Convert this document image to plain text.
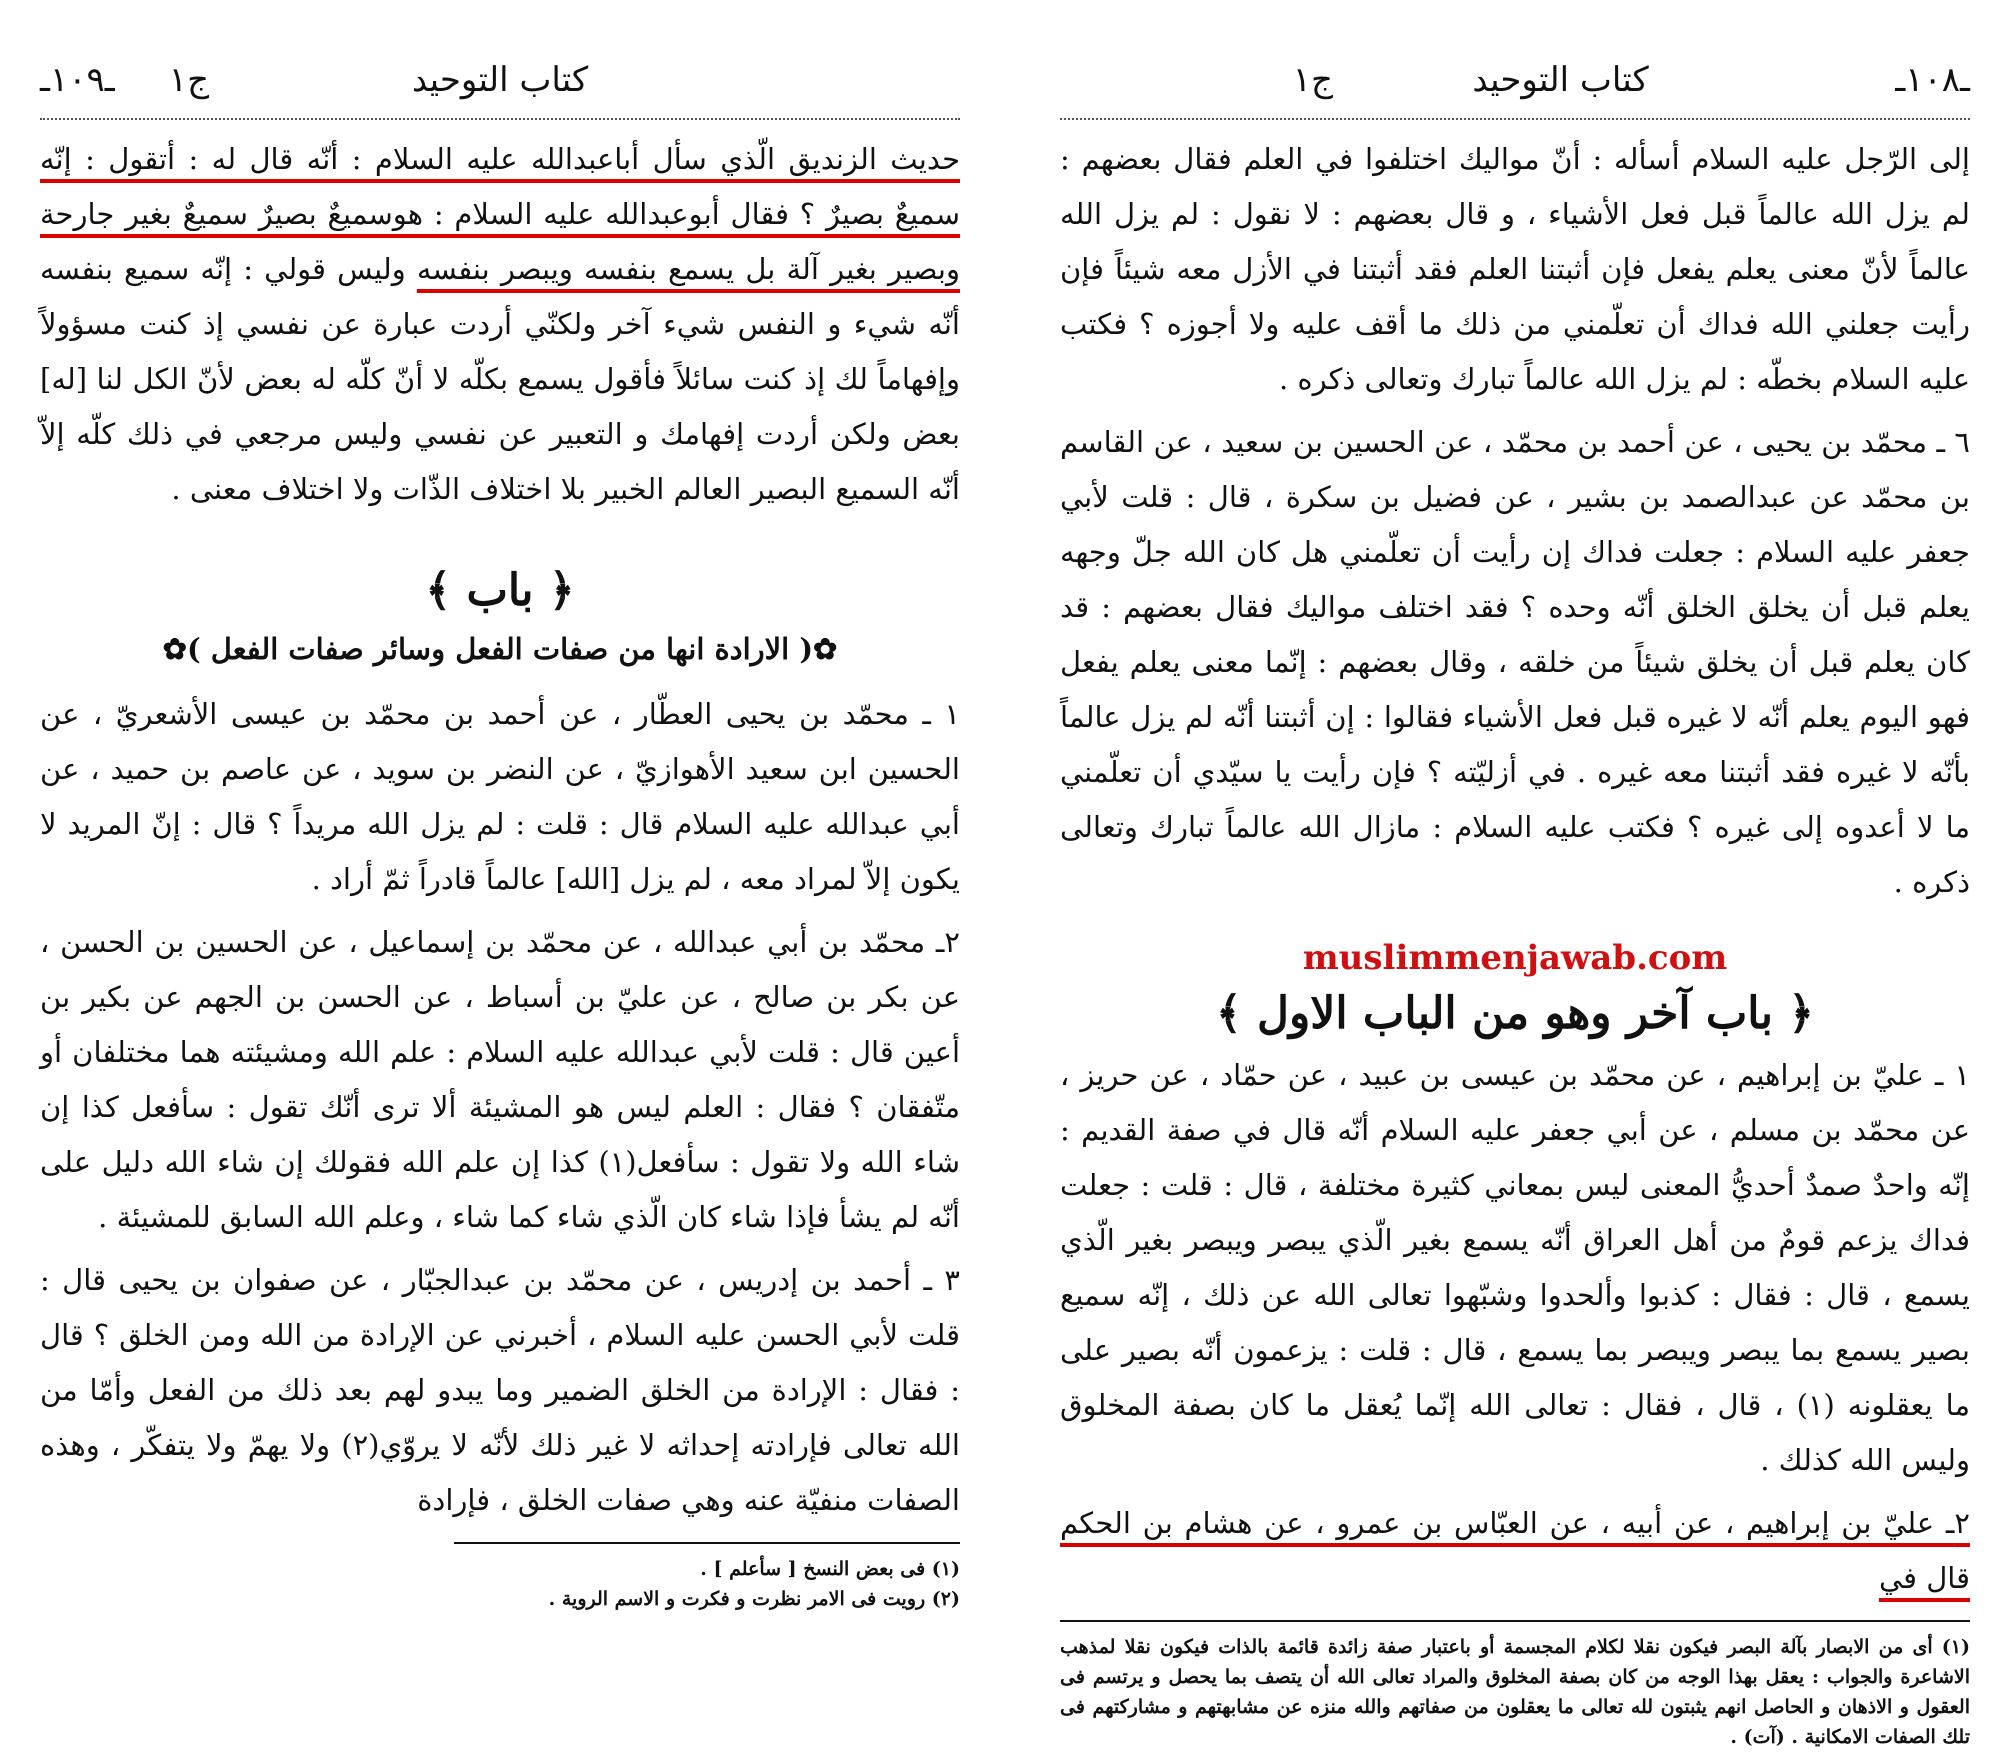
ـ١٠٩ـ	كتاب التوحيد
ج١

حديث الزنديق الّذي سأل أباعبدالله عليه السلام : أنّه قال له : أتقول : إنّه سميعٌ بصيرٌ ؟ فقال أبوعبدالله عليه السلام : هوسميعٌ بصيرٌ سميعٌ بغير جارحة وبصير بغير آلة بل يسمع بنفسه ويبصر بنفسه وليس قولي : إنّه سميع بنفسه أنّه شيء و النفس شيء آخر ولكنّي أردت عبارة عن نفسي إذ كنت مسؤولاً وإفهاماً لك إذ كنت سائلاً فأقول يسمع بكلّه لا أنّ كلّه له بعض لأنّ الكل لنا [له] بعض ولكن أردت إفهامك و التعبير عن نفسي وليس مرجعي في ذلك كلّه إلاّ أنّه السميع البصير العالم الخبير بلا اختلاف الذّات ولا اختلاف معنى .

﴿ باب ﴾
✿( الارادة انها من صفات الفعل وسائر صفات الفعل )✿

١ ـ محمّد بن يحيى العطّار ، عن أحمد بن محمّد بن عيسى الأشعريّ ، عن الحسين ابن سعيد الأهوازيّ ، عن النضر بن سويد ، عن عاصم بن حميد ، عن أبي عبدالله عليه السلام قال : قلت : لم يزل الله مريداً ؟ قال : إنّ المريد لا يكون إلاّ لمراد معه ، لم يزل [الله] عالماً قادراً ثمّ أراد .

٢ـ محمّد بن أبي عبدالله ، عن محمّد بن إسماعيل ، عن الحسين بن الحسن ، عن بكر بن صالح ، عن عليّ بن أسباط ، عن الحسن بن الجهم عن بكير بن أعين قال : قلت لأبي عبدالله عليه السلام : علم الله ومشيئته هما مختلفان أو متّفقان ؟ فقال : العلم ليس هو المشيئة ألا ترى أنّك تقول : سأفعل كذا إن شاء الله ولا تقول : سأفعل(١) كذا إن علم الله فقولك إن شاء الله دليل على أنّه لم يشأ فإذا شاء كان الّذي شاء كما شاء ، وعلم الله السابق للمشيئة .

٣ ـ أحمد بن إدريس ، عن محمّد بن عبدالجبّار ، عن صفوان بن يحيى قال : قلت لأبي الحسن عليه السلام ، أخبرني عن الإرادة من الله ومن الخلق ؟ قال : فقال : الإرادة من الخلق الضمير وما يبدو لهم بعد ذلك من الفعل وأمّا من الله تعالى فإرادته إحداثه لا غير ذلك لأنّه لا يروّي(٢) ولا يهمّ ولا يتفكّر ، وهذه الصفات منفيّة عنه وهي صفات الخلق ، فإرادة

(١) فى بعض النسخ [ سأعلم ] .

(٢) رويت فى الامر نظرت و فكرت و الاسم الروية .

ـ١٠٨ـ
كتاب التوحيد
ج١

إلى الرّجل عليه السلام أسأله : أنّ مواليك اختلفوا في العلم فقال بعضهم : لم يزل الله عالماً قبل فعل الأشياء ، و قال بعضهم : لا نقول : لم يزل الله عالماً لأنّ معنى يعلم يفعل فإن أثبتنا العلم فقد أثبتنا في الأزل معه شيئاً فإن رأيت جعلني الله فداك أن تعلّمني من ذلك ما أقف عليه ولا أجوزه ؟ فكتب عليه السلام بخطّه : لم يزل الله عالماً تبارك وتعالى ذكره .

٦ ـ محمّد بن يحيى ، عن أحمد بن محمّد ، عن الحسين بن سعيد ، عن القاسم بن محمّد عن عبدالصمد بن بشير ، عن فضيل بن سكرة ، قال : قلت لأبي جعفر عليه السلام : جعلت فداك إن رأيت أن تعلّمني هل كان الله جلّ وجهه يعلم قبل أن يخلق الخلق أنّه وحده ؟ فقد اختلف مواليك فقال بعضهم : قد كان يعلم قبل أن يخلق شيئاً من خلقه ، وقال بعضهم : إنّما معنى يعلم يفعل فهو اليوم يعلم أنّه لا غيره قبل فعل الأشياء فقالوا : إن أثبتنا أنّه لم يزل عالماً بأنّه لا غيره فقد أثبتنا معه غيره . في أزليّته ؟ فإن رأيت يا سيّدي أن تعلّمني ما لا أعدوه إلى غيره ؟ فكتب عليه السلام : مازال الله عالماً تبارك وتعالى ذكره .

muslimmenjawab.com
﴿ باب آخر وهو من الباب الاول ﴾

١ ـ عليّ بن إبراهيم ، عن محمّد بن عيسى بن عبيد ، عن حمّاد ، عن حريز ، عن محمّد بن مسلم ، عن أبي جعفر عليه السلام أنّه قال في صفة القديم : إنّه واحدٌ صمدٌ أحديُّ المعنى ليس بمعاني كثيرة مختلفة ، قال : قلت : جعلت فداك يزعم قومٌ من أهل العراق أنّه يسمع بغير الّذي يبصر ويبصر بغير الّذي يسمع ، قال : فقال : كذبوا وألحدوا وشبّهوا تعالى الله عن ذلك ، إنّه سميع بصير يسمع بما يبصر ويبصر بما يسمع ، قال : قلت : يزعمون أنّه بصير على ما يعقلونه (١) ، قال ، فقال : تعالى الله إنّما يُعقل ما كان بصفة المخلوق وليس الله كذلك .

٢ـ عليّ بن إبراهيم ، عن أبيه ، عن العبّاس بن عمرو ، عن هشام بن الحكم قال في

(١) أى من الابصار بآلة البصر فيكون نقلا لكلام المجسمة أو باعتبار صفة زائدة قائمة بالذات فيكون نقلا لمذهب الاشاعرة والجواب : يعقل بهذا الوجه من كان بصفة المخلوق والمراد تعالى الله أن يتصف بما يحصل و يرتسم فى العقول و الاذهان و الحاصل انهم يثبتون لله تعالى ما يعقلون من صفاتهم والله منزه عن مشابهتهم و مشاركتهم فى تلك الصفات الامكانية . (آت) .
